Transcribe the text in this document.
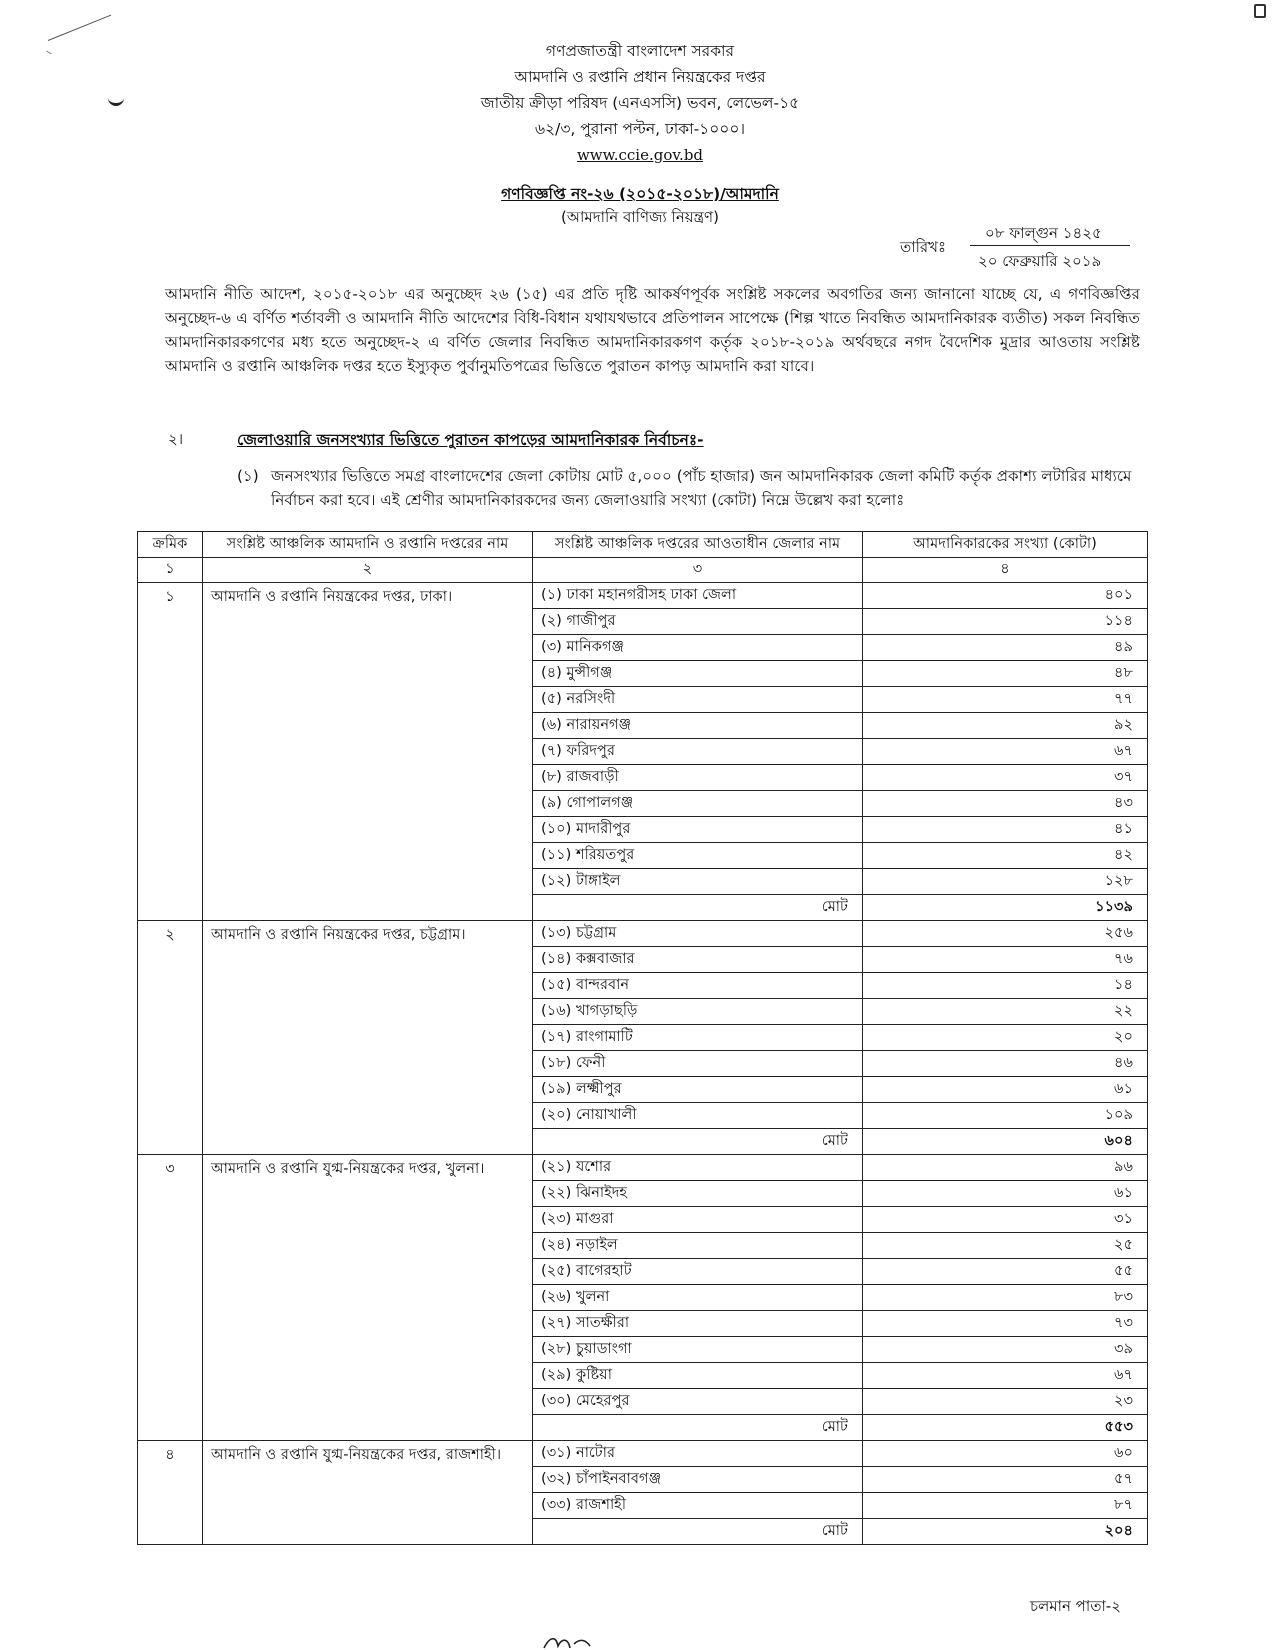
গণপ্রজাতন্ত্রী বাংলাদেশ সরকার
আমদানি ও রপ্তানি প্রধান নিয়ন্ত্রকের দপ্তর
জাতীয় ক্রীড়া পরিষদ (এনএসসি) ভবন, লেভেল-১৫
৬২/৩, পুরানা পল্টন, ঢাকা-১০০০।
www.ccie.gov.bd
গণবিজ্ঞপ্তি নং-২৬ (২০১৫-২০১৮)/আমদানি
(আমদানি বাণিজ্য নিয়ন্ত্রণ)
তারিখঃ
০৮ ফাল্গুন ১৪২৫
২০ ফেব্রুয়ারি ২০১৯

আমদানি নীতি আদেশ, ২০১৫-২০১৮ এর অনুচ্ছেদ ২৬ (১৫) এর প্রতি দৃষ্টি আকর্ষণপূর্বক সংশ্লিষ্ট সকলের অবগতির জন্য জানানো যাচ্ছে যে, এ গণবিজ্ঞপ্তির অনুচ্ছেদ-৬ এ বর্ণিত শর্তাবলী ও আমদানি নীতি আদেশের বিধি-বিধান যথাযথভাবে প্রতিপালন সাপেক্ষে (শিল্প খাতে নিবন্ধিত আমদানিকারক ব্যতীত) সকল নিবন্ধিত আমদানিকারকগণের মধ্য হতে অনুচ্ছেদ-২ এ বর্ণিত জেলার নিবন্ধিত আমদানিকারকগণ কর্তৃক ২০১৮-২০১৯ অর্থবছরে নগদ বৈদেশিক মুদ্রার আওতায় সংশ্লিষ্ট আমদানি ও রপ্তানি আঞ্চলিক দপ্তর হতে ইস্যুকৃত পুর্বানুমতিপত্রের ভিত্তিতে পুরাতন কাপড় আমদানি করা যাবে।

২।	জেলাওয়ারি জনসংখ্যার ভিত্তিতে পুরাতন কাপড়ের আমদানিকারক নির্বাচনঃ-
(১) জনসংখ্যার ভিত্তিতে সমগ্র বাংলাদেশের জেলা কোটায় মোট ৫,০০০ (পাঁচ হাজার) জন আমদানিকারক জেলা কমিটি কর্তৃক প্রকাশ্য লটারির মাধ্যমে নির্বাচন করা হবে। এই শ্রেণীর আমদানিকারকদের জন্য জেলাওয়ারি সংখ্যা (কোটা) নিম্নে উল্লেখ করা হলোঃ
ক্রমিক	সংশ্লিষ্ট আঞ্চলিক আমদানি ও রপ্তানি দপ্তরের নাম	সংশ্লিষ্ট আঞ্চলিক দপ্তরের আওতাধীন জেলার নাম	আমদানিকারকের সংখ্যা (কোটা)
১	২	৩	৪
১	আমদানি ও রপ্তানি নিয়ন্ত্রকের দপ্তর, ঢাকা।	(১) ঢাকা মহানগরীসহ ঢাকা জেলা	৪০১
		(২) গাজীপুর	১১৪
		(৩) মানিকগঞ্জ	৪৯
		(৪) মুন্সীগঞ্জ	৪৮
		(৫) নরসিংদী	৭৭
		(৬) নারায়নগঞ্জ	৯২
		(৭) ফরিদপুর	৬৭
		(৮) রাজবাড়ী	৩৭
		(৯) গোপালগঞ্জ	৪৩
		(১০) মাদারীপুর	৪১
		(১১) শরিয়তপুর	৪২
		(১২) টাঙ্গাইল	১২৮
		মোট	১১৩৯
২	আমদানি ও রপ্তানি নিয়ন্ত্রকের দপ্তর, চট্টগ্রাম।	(১৩) চট্টগ্রাম	২৫৬
		(১৪) কক্সবাজার	৭৬
		(১৫) বান্দরবান	১৪
		(১৬) খাগড়াছড়ি	২২
		(১৭) রাংগামাটি	২০
		(১৮) ফেনী	৪৬
		(১৯) লক্ষ্মীপুর	৬১
		(২০) নোয়াখালী	১০৯
		মোট	৬০৪
৩	আমদানি ও রপ্তানি যুগ্ম-নিয়ন্ত্রকের দপ্তর, খুলনা।	(২১) যশোর	৯৬
		(২২) ঝিনাইদহ	৬১
		(২৩) মাগুরা	৩১
		(২৪) নড়াইল	২৫
		(২৫) বাগেরহাট	৫৫
		(২৬) খুলনা	৮৩
		(২৭) সাতক্ষীরা	৭৩
		(২৮) চুয়াডাংগা	৩৯
		(২৯) কুষ্টিয়া	৬৭
		(৩০) মেহেরপুর	২৩
		মোট	৫৫৩
৪	আমদানি ও রপ্তানি যুগ্ম-নিয়ন্ত্রকের দপ্তর, রাজশাহী।	(৩১) নাটোর	৬০
		(৩২) চাঁপাইনবাবগঞ্জ	৫৭
		(৩৩) রাজশাহী	৮৭
		মোট	২০৪
চলমান পাতা-২
